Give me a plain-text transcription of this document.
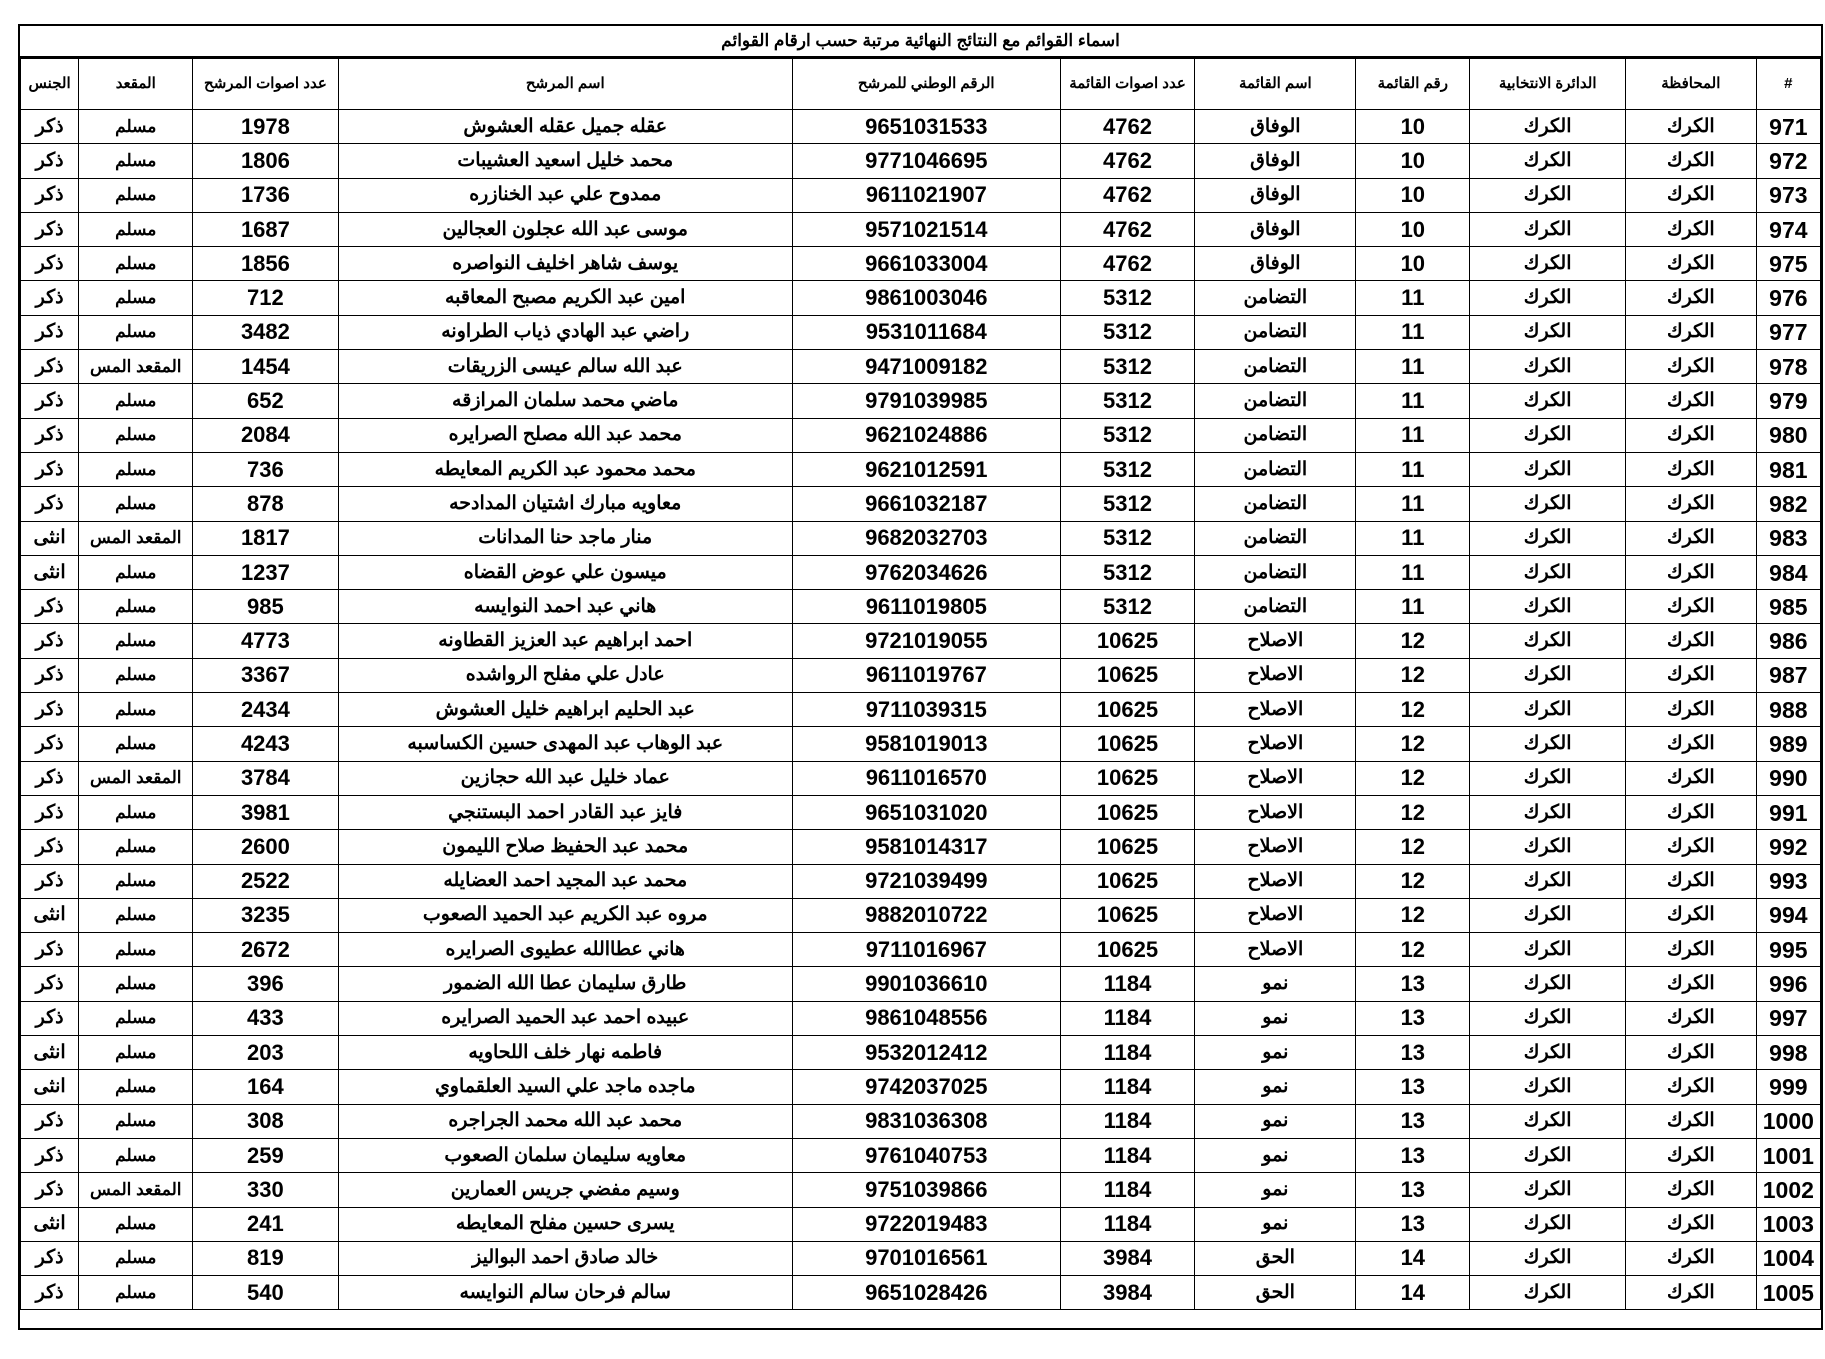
اسماء القوائم مع النتائج النهائية مرتبة حسب ارقام القوائم
#	المحافظة	الدائرة الانتخابية	رقم القائمة	اسم القائمة	عدد اصوات القائمة	الرقم الوطني للمرشح	اسم المرشح	عدد اصوات المرشح	المقعد	الجنس
971	الكرك	الكرك	10	الوفاق	4762	9651031533	عقله جميل عقله العشوش	1978	مسلم	ذكر
972	الكرك	الكرك	10	الوفاق	4762	9771046695	محمد خليل اسعيد العشيبات	1806	مسلم	ذكر
973	الكرك	الكرك	10	الوفاق	4762	9611021907	ممدوح علي عبد الخنازره	1736	مسلم	ذكر
974	الكرك	الكرك	10	الوفاق	4762	9571021514	موسى عبد الله عجلون العجالين	1687	مسلم	ذكر
975	الكرك	الكرك	10	الوفاق	4762	9661033004	يوسف شاهر اخليف النواصره	1856	مسلم	ذكر
976	الكرك	الكرك	11	التضامن	5312	9861003046	امين عبد الكريم مصبح المعاقبه	712	مسلم	ذكر
977	الكرك	الكرك	11	التضامن	5312	9531011684	راضي عبد الهادي ذياب الطراونه	3482	مسلم	ذكر
978	الكرك	الكرك	11	التضامن	5312	9471009182	عبد الله سالم عيسى الزريقات	1454	المقعد المس	ذكر
979	الكرك	الكرك	11	التضامن	5312	9791039985	ماضي محمد سلمان المرازقه	652	مسلم	ذكر
980	الكرك	الكرك	11	التضامن	5312	9621024886	محمد عبد الله مصلح الصرايره	2084	مسلم	ذكر
981	الكرك	الكرك	11	التضامن	5312	9621012591	محمد محمود عبد الكريم المعايطه	736	مسلم	ذكر
982	الكرك	الكرك	11	التضامن	5312	9661032187	معاويه مبارك اشتيان المدادحه	878	مسلم	ذكر
983	الكرك	الكرك	11	التضامن	5312	9682032703	منار ماجد حنا المدانات	1817	المقعد المس	انثى
984	الكرك	الكرك	11	التضامن	5312	9762034626	ميسون علي عوض القضاه	1237	مسلم	انثى
985	الكرك	الكرك	11	التضامن	5312	9611019805	هاني عبد احمد النوايسه	985	مسلم	ذكر
986	الكرك	الكرك	12	الاصلاح	10625	9721019055	احمد ابراهيم عبد العزيز القطاونه	4773	مسلم	ذكر
987	الكرك	الكرك	12	الاصلاح	10625	9611019767	عادل علي مفلح الرواشده	3367	مسلم	ذكر
988	الكرك	الكرك	12	الاصلاح	10625	9711039315	عبد الحليم ابراهيم خليل العشوش	2434	مسلم	ذكر
989	الكرك	الكرك	12	الاصلاح	10625	9581019013	عبد الوهاب عبد المهدى حسين الكساسبه	4243	مسلم	ذكر
990	الكرك	الكرك	12	الاصلاح	10625	9611016570	عماد خليل عبد الله حجازين	3784	المقعد المس	ذكر
991	الكرك	الكرك	12	الاصلاح	10625	9651031020	فايز عبد القادر احمد البستنجي	3981	مسلم	ذكر
992	الكرك	الكرك	12	الاصلاح	10625	9581014317	محمد عبد الحفيظ صلاح الليمون	2600	مسلم	ذكر
993	الكرك	الكرك	12	الاصلاح	10625	9721039499	محمد عبد المجيد احمد العضايله	2522	مسلم	ذكر
994	الكرك	الكرك	12	الاصلاح	10625	9882010722	مروه عبد الكريم عبد الحميد الصعوب	3235	مسلم	انثى
995	الكرك	الكرك	12	الاصلاح	10625	9711016967	هاني عطاالله عطيوى الصرايره	2672	مسلم	ذكر
996	الكرك	الكرك	13	نمو	1184	9901036610	طارق سليمان عطا الله الضمور	396	مسلم	ذكر
997	الكرك	الكرك	13	نمو	1184	9861048556	عبيده احمد عبد الحميد الصرايره	433	مسلم	ذكر
998	الكرك	الكرك	13	نمو	1184	9532012412	فاطمه نهار خلف اللحاويه	203	مسلم	انثى
999	الكرك	الكرك	13	نمو	1184	9742037025	ماجده ماجد علي السيد العلقماوي	164	مسلم	انثى
1000	الكرك	الكرك	13	نمو	1184	9831036308	محمد عبد الله محمد الجراجره	308	مسلم	ذكر
1001	الكرك	الكرك	13	نمو	1184	9761040753	معاويه سليمان سلمان الصعوب	259	مسلم	ذكر
1002	الكرك	الكرك	13	نمو	1184	9751039866	وسيم مفضي جريس العمارين	330	المقعد المس	ذكر
1003	الكرك	الكرك	13	نمو	1184	9722019483	يسرى حسين مفلح المعايطه	241	مسلم	انثى
1004	الكرك	الكرك	14	الحق	3984	9701016561	خالد صادق احمد البواليز	819	مسلم	ذكر
1005	الكرك	الكرك	14	الحق	3984	9651028426	سالم فرحان سالم النوايسه	540	مسلم	ذكر
